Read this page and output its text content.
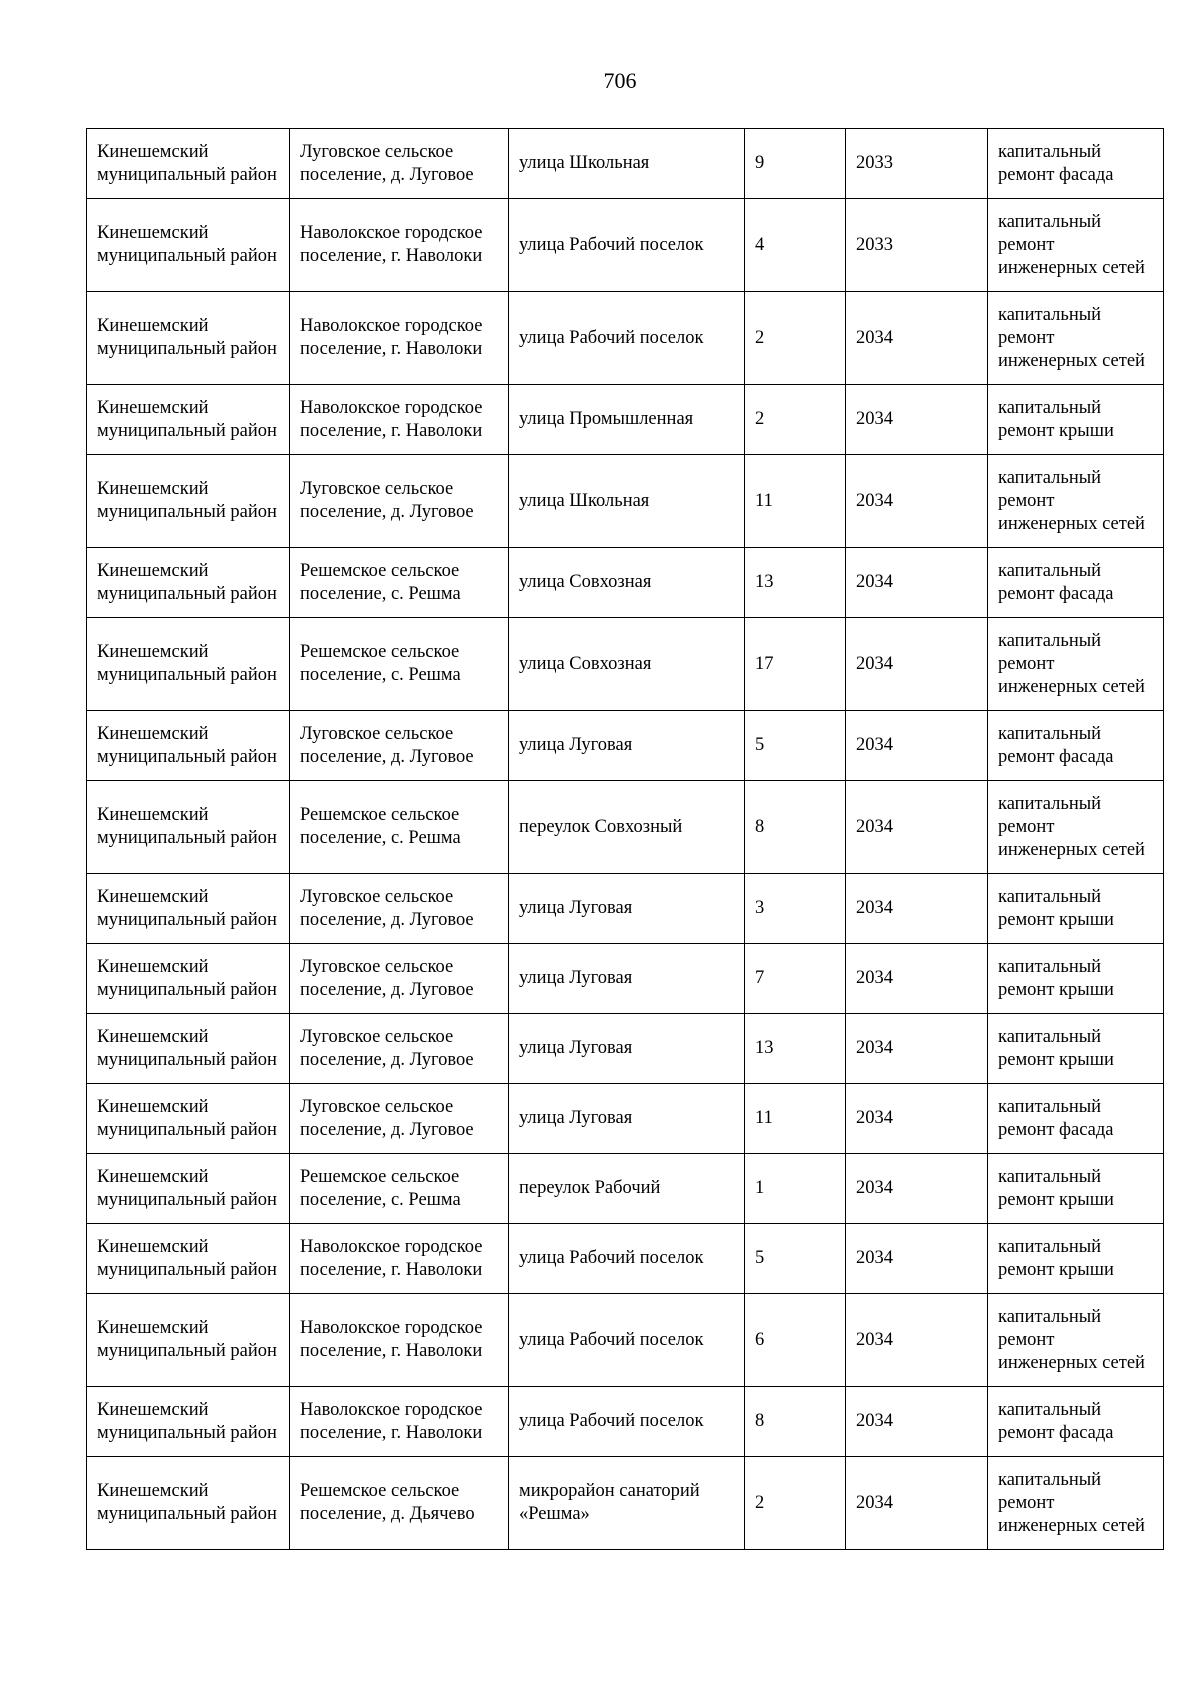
706
Кинешемский муниципальный район	Луговское сельское поселение, д. Луговое	улица Школьная	9	2033	капитальный ремонт фасада
Кинешемский муниципальный район	Наволокское городское поселение, г. Наволоки	улица Рабочий поселок	4	2033	капитальный ремонт инженерных сетей
Кинешемский муниципальный район	Наволокское городское поселение, г. Наволоки	улица Рабочий поселок	2	2034	капитальный ремонт инженерных сетей
Кинешемский муниципальный район	Наволокское городское поселение, г. Наволоки	улица Промышленная	2	2034	капитальный ремонт крыши
Кинешемский муниципальный район	Луговское сельское поселение, д. Луговое	улица Школьная	11	2034	капитальный ремонт инженерных сетей
Кинешемский муниципальный район	Решемское сельское поселение, с. Решма	улица Совхозная	13	2034	капитальный ремонт фасада
Кинешемский муниципальный район	Решемское сельское поселение, с. Решма	улица Совхозная	17	2034	капитальный ремонт инженерных сетей
Кинешемский муниципальный район	Луговское сельское поселение, д. Луговое	улица Луговая	5	2034	капитальный ремонт фасада
Кинешемский муниципальный район	Решемское сельское поселение, с. Решма	переулок Совхозный	8	2034	капитальный ремонт инженерных сетей
Кинешемский муниципальный район	Луговское сельское поселение, д. Луговое	улица Луговая	3	2034	капитальный ремонт крыши
Кинешемский муниципальный район	Луговское сельское поселение, д. Луговое	улица Луговая	7	2034	капитальный ремонт крыши
Кинешемский муниципальный район	Луговское сельское поселение, д. Луговое	улица Луговая	13	2034	капитальный ремонт крыши
Кинешемский муниципальный район	Луговское сельское поселение, д. Луговое	улица Луговая	11	2034	капитальный ремонт фасада
Кинешемский муниципальный район	Решемское сельское поселение, с. Решма	переулок Рабочий	1	2034	капитальный ремонт крыши
Кинешемский муниципальный район	Наволокское городское поселение, г. Наволоки	улица Рабочий поселок	5	2034	капитальный ремонт крыши
Кинешемский муниципальный район	Наволокское городское поселение, г. Наволоки	улица Рабочий поселок	6	2034	капитальный ремонт инженерных сетей
Кинешемский муниципальный район	Наволокское городское поселение, г. Наволоки	улица Рабочий поселок	8	2034	капитальный ремонт фасада
Кинешемский муниципальный район	Решемское сельское поселение, д. Дьячево	микрорайон санаторий «Решма»	2	2034	капитальный ремонт инженерных сетей
